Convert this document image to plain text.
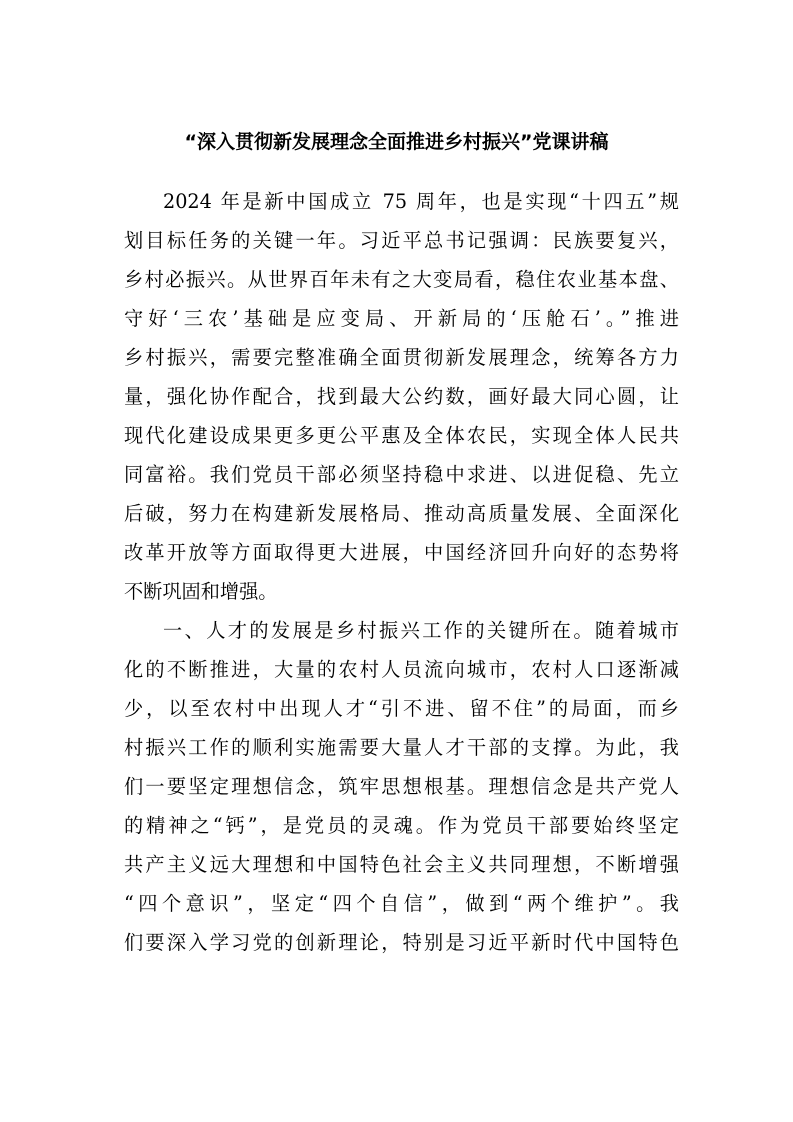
“深入贯彻新发展理念全面推进乡村振兴”党课讲稿
2024 年是新中国成立 75 周年，也是实现“十四五”规
划目标任务的关键一年。习近平总书记强调：民族要复兴，
乡村必振兴。从世界百年未有之大变局看，稳住农业基本盘、
守好‘三农’基础是应变局、开新局的‘压舱石’。”推进
乡村振兴，需要完整准确全面贯彻新发展理念，统筹各方力
量，强化协作配合，找到最大公约数，画好最大同心圆，让
现代化建设成果更多更公平惠及全体农民，实现全体人民共
同富裕。我们党员干部必须坚持稳中求进、以进促稳、先立
后破，努力在构建新发展格局、推动高质量发展、全面深化
改革开放等方面取得更大进展，中国经济回升向好的态势将
不断巩固和增强。
一、人才的发展是乡村振兴工作的关键所在。随着城市
化的不断推进，大量的农村人员流向城市，农村人口逐渐减
少，以至农村中出现人才“引不进、留不住”的局面，而乡
村振兴工作的顺利实施需要大量人才干部的支撑。为此，我
们一要坚定理想信念，筑牢思想根基。理想信念是共产党人
的精神之“钙”，是党员的灵魂。作为党员干部要始终坚定
共产主义远大理想和中国特色社会主义共同理想，不断增强
“四个意识”，坚定“四个自信”，做到“两个维护”。我
们要深入学习党的创新理论，特别是习近平新时代中国特色
